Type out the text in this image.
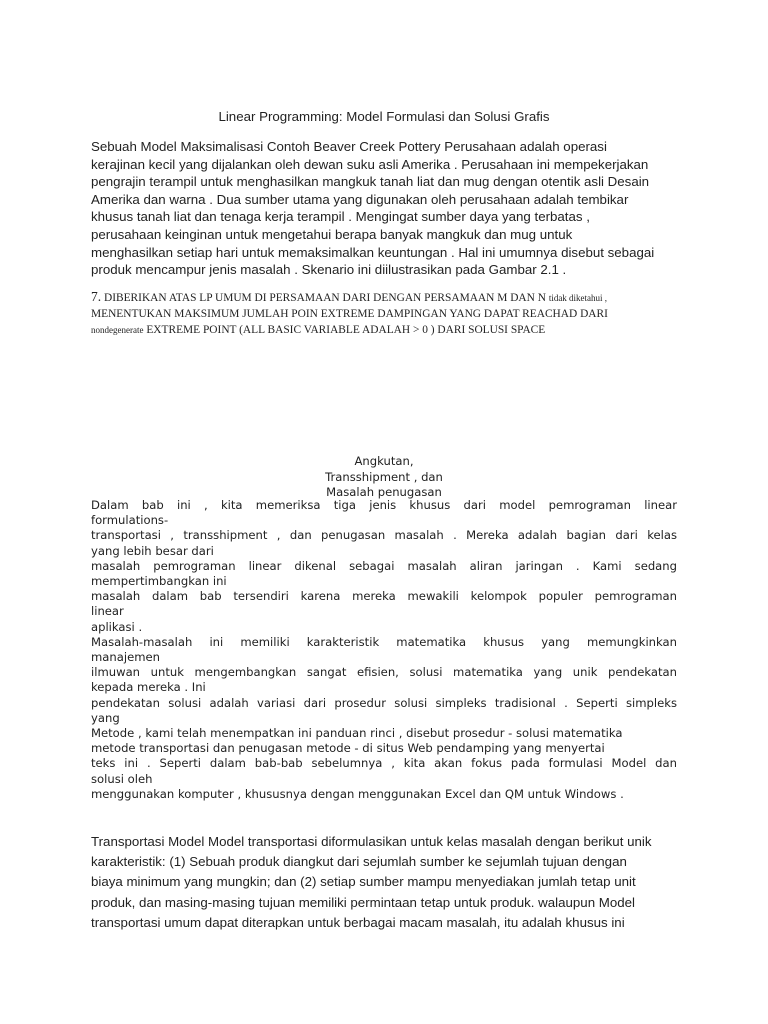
Linear Programming: Model Formulasi dan Solusi Grafis
Sebuah Model Maksimalisasi Contoh Beaver Creek Pottery Perusahaan adalah operasi
kerajinan kecil yang dijalankan oleh dewan suku asli Amerika . Perusahaan ini mempekerjakan
pengrajin terampil untuk menghasilkan mangkuk tanah liat dan mug dengan otentik asli Desain
Amerika dan warna . Dua sumber utama yang digunakan oleh perusahaan adalah tembikar
khusus tanah liat dan tenaga kerja terampil . Mengingat sumber daya yang terbatas ,
perusahaan keinginan untuk mengetahui berapa banyak mangkuk dan mug untuk
menghasilkan setiap hari untuk memaksimalkan keuntungan . Hal ini umumnya disebut sebagai
produk mencampur jenis masalah . Skenario ini diilustrasikan pada Gambar 2.1 .
7. DIBERIKAN ATAS LP UMUM DI PERSAMAAN DARI DENGAN PERSAMAAN M DAN N tidak diketahui ,
MENENTUKAN MAKSIMUM JUMLAH POIN EXTREME DAMPINGAN YANG DAPAT REACHAD DARI
nondegenerate EXTREME POINT (ALL BASIC VARIABLE ADALAH > 0 ) DARI SOLUSI SPACE
Angkutan,
Transshipment , dan
Masalah penugasan
Dalam bab ini , kita memeriksa tiga jenis khusus dari model pemrograman linear
formulations-
transportasi , transshipment , dan penugasan masalah . Mereka adalah bagian dari kelas
yang lebih besar dari
masalah pemrograman linear dikenal sebagai masalah aliran jaringan . Kami sedang
mempertimbangkan ini
masalah dalam bab tersendiri karena mereka mewakili kelompok populer pemrograman
linear
aplikasi .
Masalah-masalah ini memiliki karakteristik matematika khusus yang memungkinkan
manajemen
ilmuwan untuk mengembangkan sangat efisien, solusi matematika yang unik pendekatan
kepada mereka . Ini
pendekatan solusi adalah variasi dari prosedur solusi simpleks tradisional . Seperti simpleks
yang
Metode , kami telah menempatkan ini panduan rinci , disebut prosedur - solusi matematika
metode transportasi dan penugasan metode - di situs Web pendamping yang menyertai
teks ini . Seperti dalam bab-bab sebelumnya , kita akan fokus pada formulasi Model dan
solusi oleh
menggunakan komputer , khususnya dengan menggunakan Excel dan QM untuk Windows .
Transportasi Model Model transportasi diformulasikan untuk kelas masalah dengan berikut unik
karakteristik: (1) Sebuah produk diangkut dari sejumlah sumber ke sejumlah tujuan dengan
biaya minimum yang mungkin; dan (2) setiap sumber mampu menyediakan jumlah tetap unit
produk, dan masing-masing tujuan memiliki permintaan tetap untuk produk. walaupun Model
transportasi umum dapat diterapkan untuk berbagai macam masalah, itu adalah khusus ini
